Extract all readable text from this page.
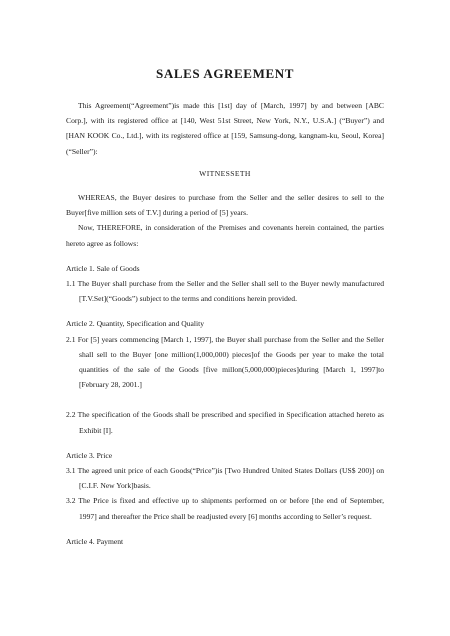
SALES AGREEMENT

This Agreement(“Agreement”)is made this [1st] day of [March, 1997] by and between [ABC Corp.], with its registered office at [140, West 51st Street, New York, N.Y., U.S.A.] (“Buyer”) and [HAN KOOK Co., Ltd.], with its registered office at [159, Samsung-dong, kangnam-ku, Seoul, Korea](“Seller”):

WITNESSETH

WHEREAS, the Buyer desires to purchase from the Seller and the seller desires to sell to the Buyer[five million sets of T.V.] during a period of [5] years.

Now, THEREFORE, in consideration of the Premises and covenants herein contained, the parties hereto agree as follows:

Article 1. Sale of Goods

1.1 The Buyer shall purchase from the Seller and the Seller shall sell to the Buyer newly manufactured [T.V.Set](“Goods”) subject to the terms and conditions herein provided.

Article 2. Quantity, Specification and Quality

2.1 For [5] years commencing [March 1, 1997], the Buyer shall purchase from the Seller and the Seller shall sell to the Buyer [one million(1,000,000) pieces]of the Goods per year to make the total quantities of the sale of the Goods [five millon(5,000,000)pieces]during [March 1, 1997]to [February 28, 2001.]

2.2 The specification of the Goods shall be prescribed and specified in Specification attached hereto as Exhibit [I].

Article 3. Price

3.1 The agreed unit price of each Goods(“Price”)is [Two Hundred United States Dollars (US$ 200)] on [C.I.F. New York]basis.

3.2 The Price is fixed and effective up to shipments performed on or before [the end of September, 1997] and thereafter the Price shall be readjusted every [6] months according to Seller’s request.

Article 4. Payment
